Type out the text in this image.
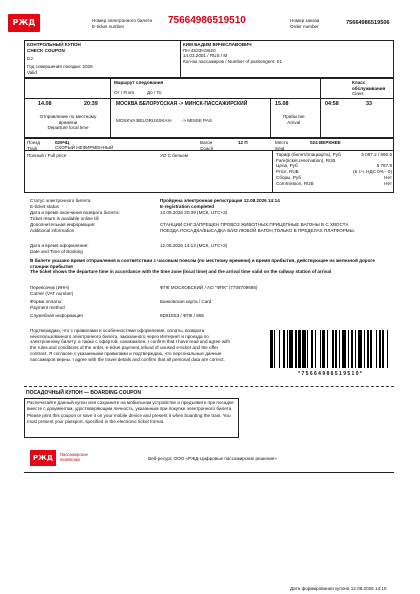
РЖД	Номер электронного билета
E-ticket number
75664986519510	Номер заказа
Order number
75664986519506
КОНТРОЛЬНЫЙ КУПОН
CHECK COUPON
DJ
Год совершения поездки: 2026
Valid
КИМ БАДИМ ВЯЧЕСЛАВОВИЧ
ПН 45З3НЭ620
14.03.2001 / RUS / M
Кол-во пассажиров / Number of passengers: 01
Маршрут следования
От / From          До / To
Класс обслуживания
Class
14.08	20:39	МОСКВА БЕЛОРУССКАЯ -> МИНСК-ПАССАЖИРСКИЙ
MOSKVA BELORUSSKAIA        -> MINSK PAS
15.08	04:58	33
Отправление по местному времени
Departure local time
Прибытие
Arrival
Поезд
Train
029ЧЦ
СКОРЫЙ НЕФИРМЕННЫЙ
Вагон
Coach
12 П	Место
Seat
024 ВЕРХНЕЕ
Полный / Full price	УО С бельем	Тариф (билет/плацкарта), Руб	5 097.2 / 690.6
Fare(ticket,reservation), RUB
Цена, Руб	5 787.8
Price, RUB	(в т.ч. НДС 0% - 0)
Сборы, Руб	Нет
Commission, RUB	Нет
Статус электронного билета
E-ticket status
Пройдена электронная регистрация 12.08.2026 14:14
E-registration completed
Дата и время окончания возврата билета:
Ticket return is available online till
14.08.2026 20:39 (МСК, UTC+3)
Дополнительная информация:
Additional information
СТАНЦИИ СНГ.ЗАПРЕЩЕН ПРОВОЗ ЖИВОТНЫХ.ПРИЦЕПНЫЕ ВАГОНЫ В С ХВОСТА ПОЕЗДА.ПОСАДКА/ВЫСАДКА В/ИЗ ЛЮБОЙ ВАГОН,ТОЛЬКО В ПРЕДЕЛАХ ПЛАТФОРМЫ.
Дата и время оформления:
Date and Time of Booking
12.08.2026 14:13 (МСК, UTC+3)
В билете указано время отправления в соответствии с часовым поясом (по местному времени) и время прибытия, действующее на железной дороге станции прибытия
The ticket shows the departure time in accordance with the time zone (local time) and the arrival time valid on the railway station of arrival
Перевозчик (ИНН)
Carrier (VAT number)
ФПК МОСКОВСКИЙ / АО "ФПК" (7708709686)
Форма оплаты:
Payment method
Банковская карта / Card
Служебная информация	6D91E53 / ФПК / 865
Подтверждаю, что с правилами и особенностями оформления, оплаты, возврата неиспользованного электронного билета, заказанного через Интернет и проезда по электронному билету, а также с офертой, ознакомлен. I confirm that I have read and agree with the rules and conditions of the order, e-ticket payment,refund of unused e-ticket and the offer contract. Я согласен с указанными правилами и подтверждаю, что персональные данные пассажиров верны. I agree with the travel details and confirm that all personal data are correct.
* 7 5 6 6 4 9 8 6 5 1 9 5 1 0 *
ПОСАДОЧНЫЙ КУПОН — BOARDING COUPON
Распечатайте данный купон или сохраните на мобильном устройстве и предъявите при посадке вместе с документом, удостоверяющим личность, указанным при покупке электронного билета.
Please print this coupon or save it on your mobile device and present it when boarding the train. You must present your passport, specified in the electronic ticket format.
РЖД	Пассажирские перевозки	Веб-ресурс ООО «РЖД-Цифровые пассажирские решения»
Дата формирования купона 12.08.2026 14:15
